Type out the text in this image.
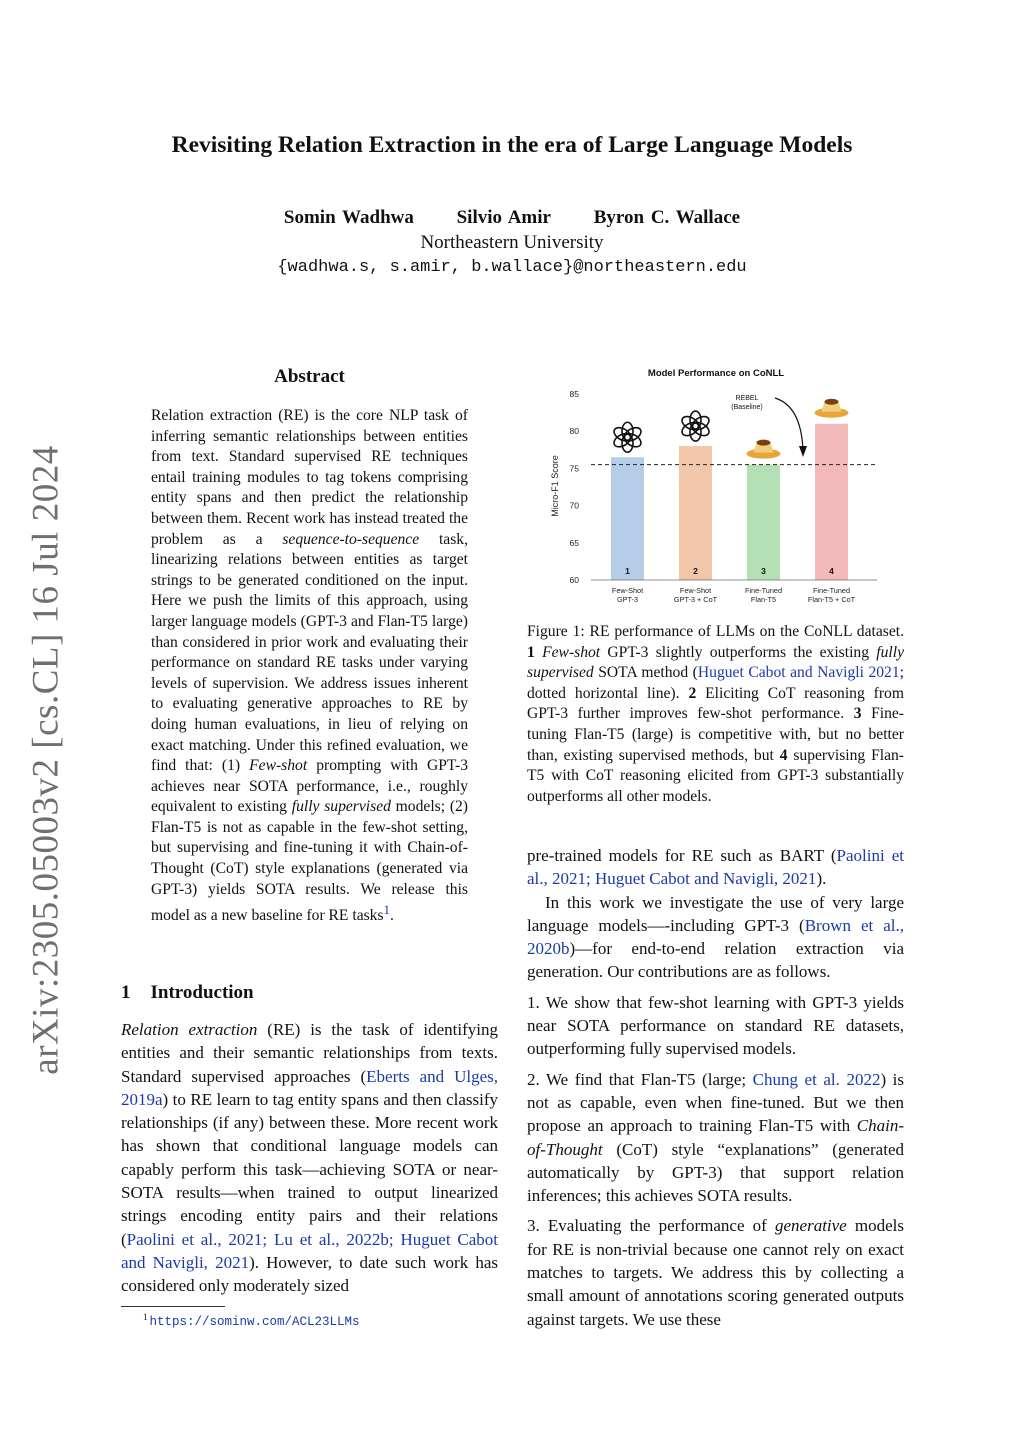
arXiv:2305.05003v2 [cs.CL] 16 Jul 2024
Revisiting Relation Extraction in the era of Large Language Models
Somin Wadhwa Silvio Amir Byron C. Wallace
Northeastern University
{wadhwa.s, s.amir, b.wallace}@northeastern.edu
Abstract

Relation extraction (RE) is the core NLP task of inferring semantic relationships between entities from text. Standard supervised RE techniques entail training modules to tag tokens comprising entity spans and then predict the relationship between them. Recent work has instead treated the problem as a sequence-to-sequence task, linearizing relations between entities as target strings to be generated conditioned on the input. Here we push the limits of this approach, using larger language models (GPT-3 and Flan-T5 large) than considered in prior work and evaluating their performance on standard RE tasks under varying levels of supervision. We address issues inherent to evaluating generative approaches to RE by doing human evaluations, in lieu of relying on exact matching. Under this refined evaluation, we find that: (1) Few-shot prompting with GPT-3 achieves near SOTA performance, i.e., roughly equivalent to existing fully supervised models; (2) Flan-T5 is not as capable in the few-shot setting, but supervising and fine-tuning it with Chain-of-Thought (CoT) style explanations (generated via GPT-3) yields SOTA results. We release this model as a new baseline for RE tasks$^1$.

1 Introduction

Relation extraction (RE) is the task of identifying entities and their semantic relationships from texts. Standard supervised approaches (Eberts and Ulges, 2019a) to RE learn to tag entity spans and then classify relationships (if any) between these. More recent work has shown that conditional language models can capably perform this task—achieving SOTA or near-SOTA results—when trained to output linearized strings encoding entity pairs and their relations (Paolini et al., 2021; Lu et al., 2022b; Huguet Cabot and Navigli, 2021). However, to date such work has considered only moderately sized

$^1$ https://sominw.com/ACL23LLMs
Model Performance on CoNLL
Micro-F1 Score
85
80
75
70
65
60
1
Few-Shot
GPT-3
2
Few-Shot
GPT-3 + CoT
3
Fine-Tuned
Flan-T5
4
Fine-Tuned
Flan-T5 + CoT
REBEL
(Baseline)

Figure 1: RE performance of LLMs on the CoNLL dataset. 1 Few-shot GPT-3 slightly outperforms the existing fully supervised SOTA method (Huguet Cabot and Navigli 2021; dotted horizontal line). 2 Eliciting CoT reasoning from GPT-3 further improves few-shot performance. 3 Fine-tuning Flan-T5 (large) is competitive with, but no better than, existing supervised methods, but 4 supervising Flan-T5 with CoT reasoning elicited from GPT-3 substantially outperforms all other models.

pre-trained models for RE such as BART (Paolini et al., 2021; Huguet Cabot and Navigli, 2021).

In this work we investigate the use of very large language models—-including GPT-3 (Brown et al., 2020b)—for end-to-end relation extraction via generation. Our contributions are as follows.

1. We show that few-shot learning with GPT-3 yields near SOTA performance on standard RE datasets, outperforming fully supervised models.

2. We find that Flan-T5 (large; Chung et al. 2022) is not as capable, even when fine-tuned. But we then propose an approach to training Flan-T5 with Chain-of-Thought (CoT) style “explanations” (generated automatically by GPT-3) that support relation inferences; this achieves SOTA results.

3. Evaluating the performance of generative models for RE is non-trivial because one cannot rely on exact matches to targets. We address this by collecting a small amount of annotations scoring generated outputs against targets. We use these
